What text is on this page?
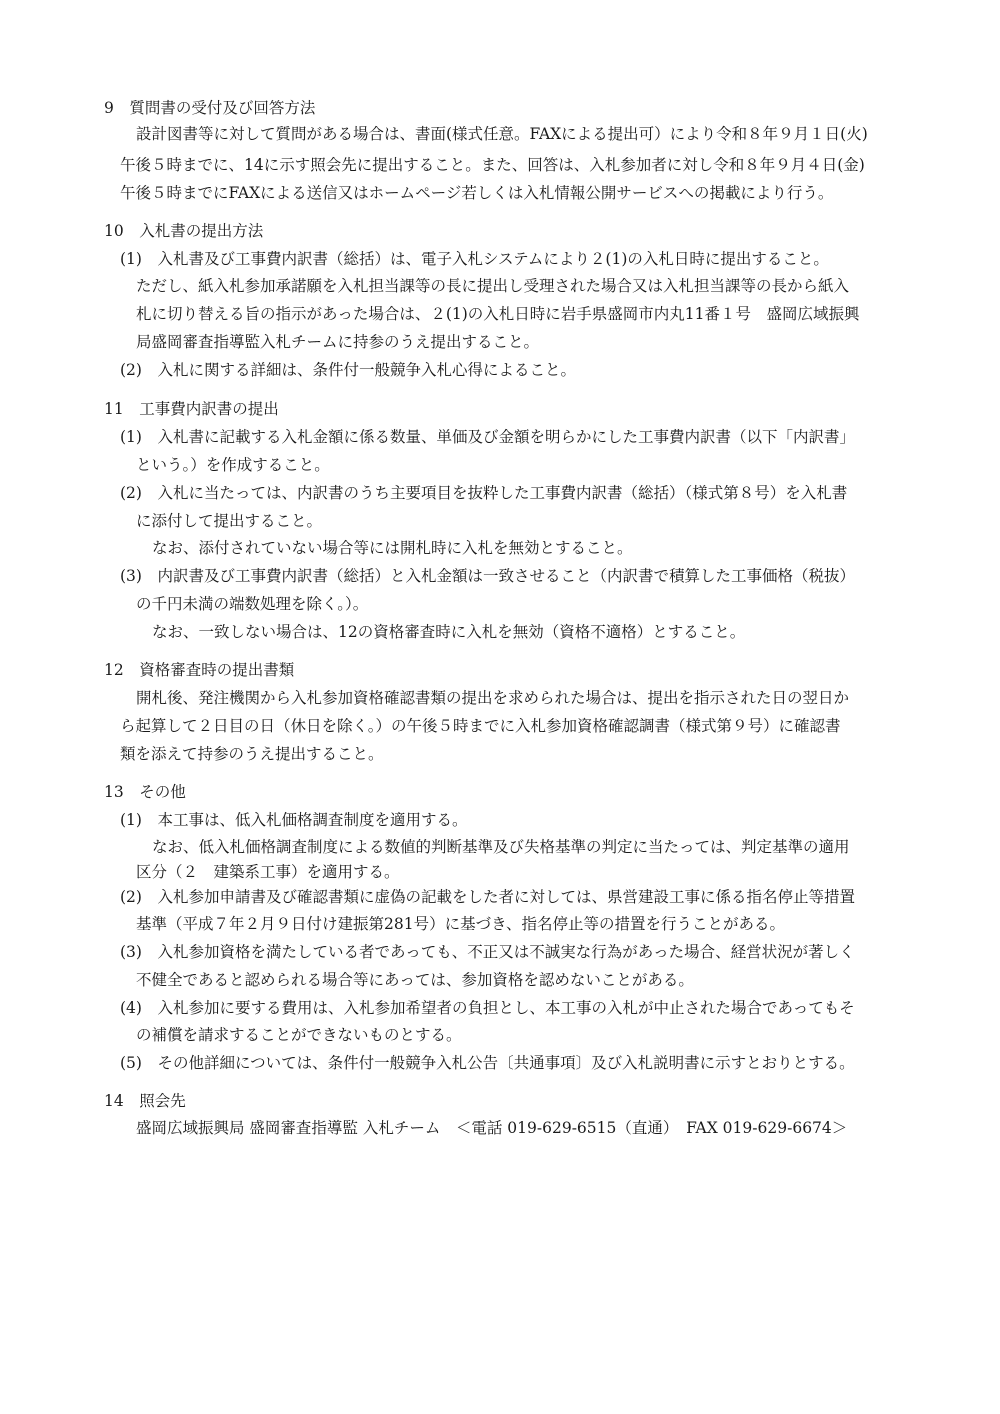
9　質問書の受付及び回答方法
設計図書等に対して質問がある場合は、書面(様式任意。FAXによる提出可）により令和８年９月１日(火)
午後５時までに、14に示す照会先に提出すること。また、回答は、入札参加者に対し令和８年９月４日(金)
午後５時までにFAXによる送信又はホームページ若しくは入札情報公開サービスへの掲載により行う。
10　入札書の提出方法
(1)　入札書及び工事費内訳書（総括）は、電子入札システムにより２(1)の入札日時に提出すること。
ただし、紙入札参加承諾願を入札担当課等の長に提出し受理された場合又は入札担当課等の長から紙入
札に切り替える旨の指示があった場合は、２(1)の入札日時に岩手県盛岡市内丸11番１号　盛岡広域振興
局盛岡審査指導監入札チームに持参のうえ提出すること。
(2)　入札に関する詳細は、条件付一般競争入札心得によること。
11　工事費内訳書の提出
(1)　入札書に記載する入札金額に係る数量、単価及び金額を明らかにした工事費内訳書（以下「内訳書」
という。）を作成すること。
(2)　入札に当たっては、内訳書のうち主要項目を抜粋した工事費内訳書（総括）（様式第８号）を入札書
に添付して提出すること。
なお、添付されていない場合等には開札時に入札を無効とすること。
(3)　内訳書及び工事費内訳書（総括）と入札金額は一致させること（内訳書で積算した工事価格（税抜）
の千円未満の端数処理を除く。）。
なお、一致しない場合は、12の資格審査時に入札を無効（資格不適格）とすること。
12　資格審査時の提出書類
開札後、発注機関から入札参加資格確認書類の提出を求められた場合は、提出を指示された日の翌日か
ら起算して２日目の日（休日を除く。）の午後５時までに入札参加資格確認調書（様式第９号）に確認書
類を添えて持参のうえ提出すること。
13　その他
(1)　本工事は、低入札価格調査制度を適用する。
なお、低入札価格調査制度による数値的判断基準及び失格基準の判定に当たっては、判定基準の適用
区分（２　建築系工事）を適用する。
(2)　入札参加申請書及び確認書類に虚偽の記載をした者に対しては、県営建設工事に係る指名停止等措置
基準（平成７年２月９日付け建振第281号）に基づき、指名停止等の措置を行うことがある。
(3)　入札参加資格を満たしている者であっても、不正又は不誠実な行為があった場合、経営状況が著しく
不健全であると認められる場合等にあっては、参加資格を認めないことがある。
(4)　入札参加に要する費用は、入札参加希望者の負担とし、本工事の入札が中止された場合であってもそ
の補償を請求することができないものとする。
(5)　その他詳細については、条件付一般競争入札公告〔共通事項〕及び入札説明書に示すとおりとする。
14　照会先
盛岡広域振興局 盛岡審査指導監 入札チーム　＜電話 019-629-6515（直通）　FAX 019-629-6674＞
